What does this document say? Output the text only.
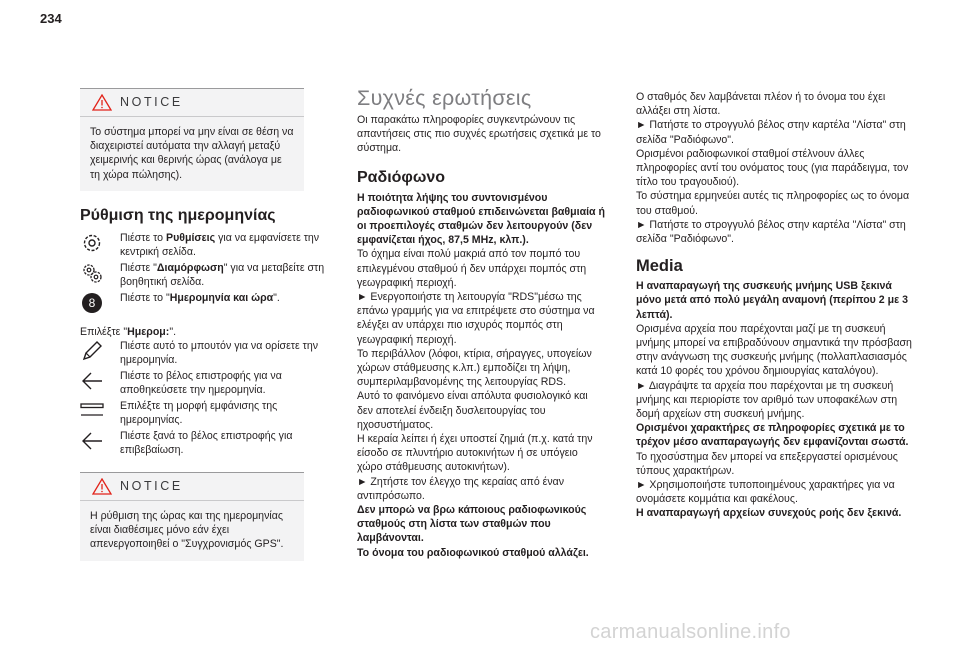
234
NOTICE

Το σύστημα μπορεί να μην είναι σε θέση να διαχειριστεί αυτόματα την αλλαγή μεταξύ χειμερινής και θερινής ώρας (ανάλογα με τη χώρα πώλησης).

Ρύθμιση της ημερομηνίας

Πιέστε το Ρυθμίσεις για να εμφανίσετε την κεντρική σελίδα.

Πιέστε "Διαμόρφωση" για να μεταβείτε στη βοηθητική σελίδα.

8 Πιέστε το "Ημερομηνία και ώρα".

Επιλέξτε "Ημερομ:".

Πιέστε αυτό το μπουτόν για να ορίσετε την ημερομηνία.

Πιέστε το βέλος επιστροφής για να αποθηκεύσετε την ημερομηνία.

Επιλέξτε τη μορφή εμφάνισης της ημερομηνίας.

Πιέστε ξανά το βέλος επιστροφής για επιβεβαίωση.

NOTICE

Η ρύθμιση της ώρας και της ημερομηνίας είναι διαθέσιμες μόνο εάν έχει απενεργοποιηθεί ο "Συγχρονισμός GPS".

Συχνές ερωτήσεις

Οι παρακάτω πληροφορίες συγκεντρώνουν τις απαντήσεις στις πιο συχνές ερωτήσεις σχετικά με το σύστημα.

Ραδιόφωνο

Η ποιότητα λήψης του συντονισμένου ραδιοφωνικού σταθμού επιδεινώνεται βαθμιαία ή οι προεπιλογές σταθμών δεν λειτουργούν (δεν εμφανίζεται ήχος, 87,5 MHz, κλπ.).

Το όχημα είναι πολύ μακριά από τον πομπό του επιλεγμένου σταθμού ή δεν υπάρχει πομπός στη γεωγραφική περιοχή.

► Ενεργοποιήστε τη λειτουργία "RDS"μέσω της επάνω γραμμής για να επιτρέψετε στο σύστημα να ελέγξει αν υπάρχει πιο ισχυρός πομπός στη γεωγραφική περιοχή.

Το περιβάλλον (λόφοι, κτίρια, σήραγγες, υπογείων χώρων στάθμευσης κ.λπ.) εμποδίζει τη λήψη, συμπεριλαμβανομένης της λειτουργίας RDS.

Αυτό το φαινόμενο είναι απόλυτα φυσιολογικό και δεν αποτελεί ένδειξη δυσλειτουργίας του ηχοσυστήματος.

Η κεραία λείπει ή έχει υποστεί ζημιά (π.χ. κατά την είσοδο σε πλυντήριο αυτοκινήτων ή σε υπόγειο χώρο στάθμευσης αυτοκινήτων).

► Ζητήστε τον έλεγχο της κεραίας από έναν αντιπρόσωπο.

Δεν μπορώ να βρω κάποιους ραδιοφωνικούς σταθμούς στη λίστα των σταθμών που λαμβάνονται.

Το όνομα του ραδιοφωνικού σταθμού αλλάζει.

Ο σταθμός δεν λαμβάνεται πλέον ή το όνομα του έχει αλλάξει στη λίστα.

► Πατήστε το στρογγυλό βέλος στην καρτέλα "Λίστα" στη σελίδα "Ραδιόφωνο".

Ορισμένοι ραδιοφωνικοί σταθμοί στέλνουν άλλες πληροφορίες αντί του ονόματος τους (για παράδειγμα, τον τίτλο του τραγουδιού).

Το σύστημα ερμηνεύει αυτές τις πληροφορίες ως το όνομα του σταθμού.

► Πατήστε το στρογγυλό βέλος στην καρτέλα "Λίστα" στη σελίδα "Ραδιόφωνο".

Media

Η αναπαραγωγή της συσκευής μνήμης USB ξεκινά μόνο μετά από πολύ μεγάλη αναμονή (περίπου 2 με 3 λεπτά).

Ορισμένα αρχεία που παρέχονται μαζί με τη συσκευή μνήμης μπορεί να επιβραδύνουν σημαντικά την πρόσβαση στην ανάγνωση της συσκευής μνήμης (πολλαπλασιασμός κατά 10 φορές του χρόνου δημιουργίας καταλόγου).

► Διαγράψτε τα αρχεία που παρέχονται με τη συσκευή μνήμης και περιορίστε τον αριθμό των υποφακέλων στη δομή αρχείων στη συσκευή μνήμης.

Ορισμένοι χαρακτήρες σε πληροφορίες σχετικά με το τρέχον μέσο αναπαραγωγής δεν εμφανίζονται σωστά.

Το ηχοσύστημα δεν μπορεί να επεξεργαστεί ορισμένους τύπους χαρακτήρων.

► Χρησιμοποιήστε τυποποιημένους χαρακτήρες για να ονομάσετε κομμάτια και φακέλους.

Η αναπαραγωγή αρχείων συνεχούς ροής δεν ξεκινά.

carmanualsonline.info
